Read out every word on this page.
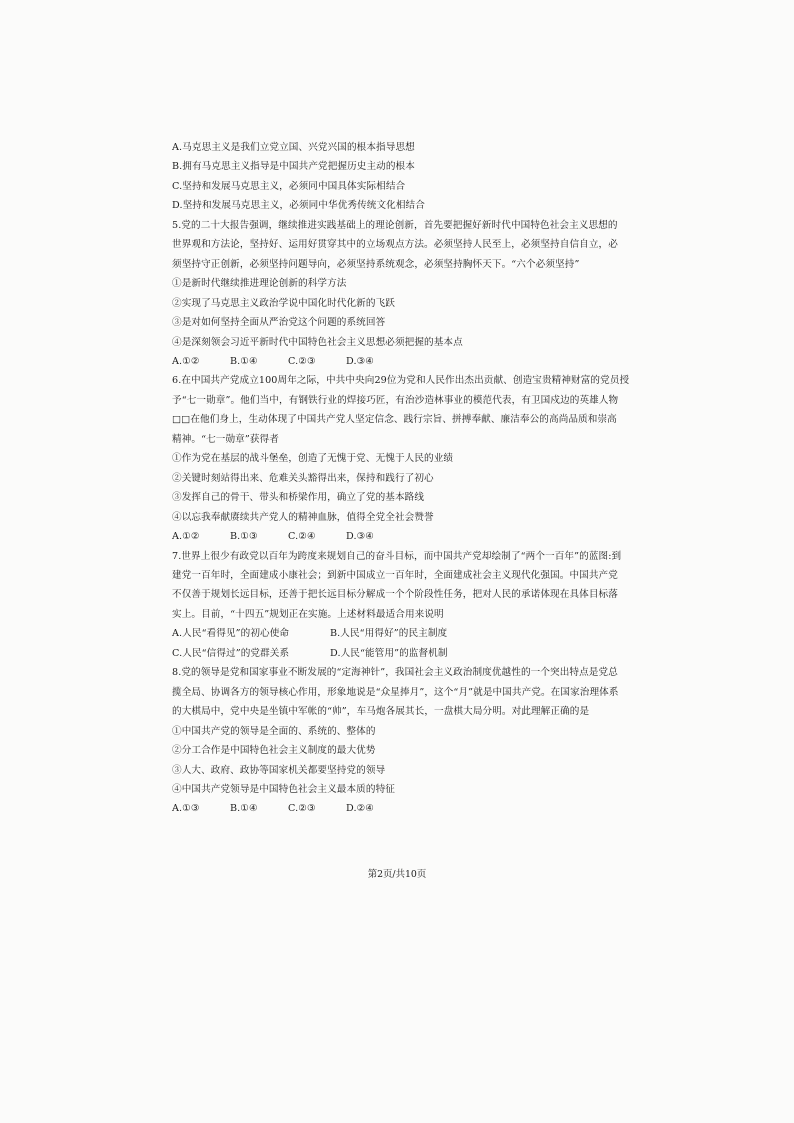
A.马克思主义是我们立党立国、兴党兴国的根本指导思想

B.拥有马克思主义指导是中国共产党把握历史主动的根本

C.坚持和发展马克思主义，必须同中国具体实际相结合

D.坚持和发展马克思主义，必须同中华优秀传统文化相结合

5.党的二十大报告强调，继续推进实践基础上的理论创新，首先要把握好新时代中国特色社会主义思想的

世界观和方法论，坚持好、运用好贯穿其中的立场观点方法。必须坚持人民至上，必须坚持自信自立，必

须坚持守正创新，必须坚持问题导向，必须坚持系统观念，必须坚持胸怀天下。“六个必须坚持”

①是新时代继续推进理论创新的科学方法

②实现了马克思主义政治学说中国化时代化新的飞跃

③是对如何坚持全面从严治党这个问题的系统回答

④是深刻领会习近平新时代中国特色社会主义思想必须把握的基本点

A.①②	B.①④	C.②③	D.③④

6.在中国共产党成立100周年之际，中共中央向29位为党和人民作出杰出贡献、创造宝贵精神财富的党员授

予“七一勋章”。他们当中，有钢铁行业的焊接巧匠，有治沙造林事业的模范代表，有卫国戍边的英雄人物

□□在他们身上，生动体现了中国共产党人坚定信念、践行宗旨、拼搏奉献、廉洁奉公的高尚品质和崇高

精神。“七一勋章”获得者

①作为党在基层的战斗堡垒，创造了无愧于党、无愧于人民的业绩

②关键时刻站得出来、危难关头豁得出来，保持和践行了初心

③发挥自己的骨干、带头和桥梁作用，确立了党的基本路线

④以忘我奉献赓续共产党人的精神血脉，值得全党全社会赞誉

A.①②	B.①③	C.②④	D.③④

7.世界上很少有政党以百年为跨度来规划自己的奋斗目标，而中国共产党却绘制了“两个一百年”的蓝图:到

建党一百年时，全面建成小康社会；到新中国成立一百年时，全面建成社会主义现代化强国。中国共产党

不仅善于规划长远目标，还善于把长远目标分解成一个个阶段性任务，把对人民的承诺体现在具体目标落

实上。目前，“十四五”规划正在实施。上述材料最适合用来说明

A.人民“看得见”的初心使命	B.人民“用得好”的民主制度
C.人民“信得过”的党群关系	D.人民“能管用”的监督机制

8.党的领导是党和国家事业不断发展的“定海神针”，我国社会主义政治制度优越性的一个突出特点是党总

揽全局、协调各方的领导核心作用，形象地说是“众星捧月”，这个“月”就是中国共产党。在国家治理体系

的大棋局中，党中央是坐镇中军帐的“帅”，车马炮各展其长，一盘棋大局分明。对此理解正确的是

①中国共产党的领导是全面的、系统的、整体的

②分工合作是中国特色社会主义制度的最大优势

③人大、政府、政协等国家机关都要坚持党的领导

④中国共产党领导是中国特色社会主义最本质的特征

A.①③	B.①④	C.②③	D.②④
第2页/共10页
